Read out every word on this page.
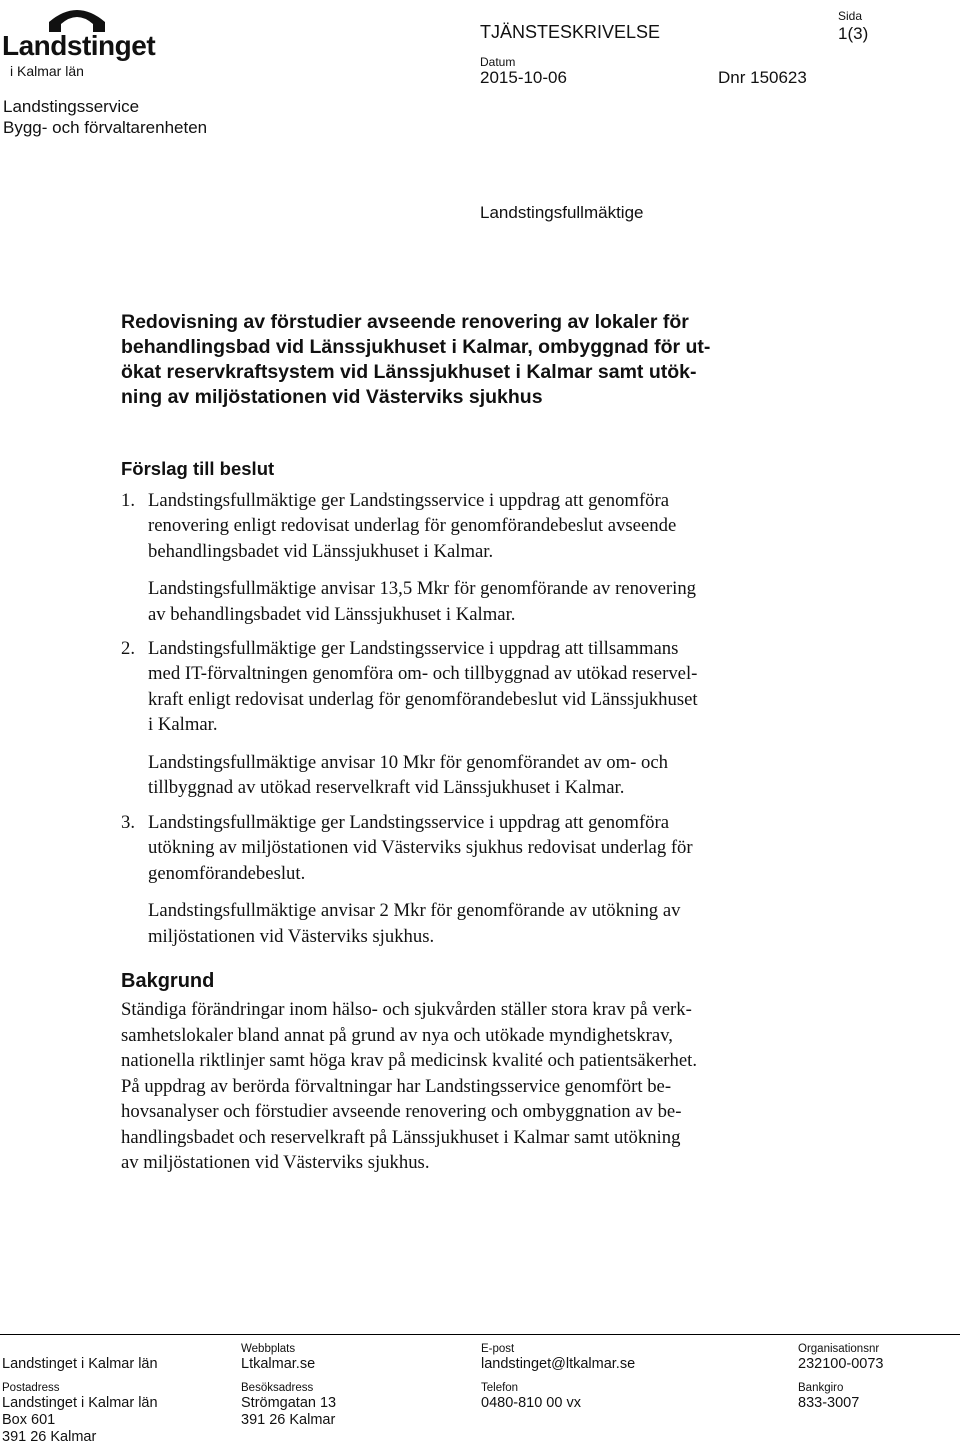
Landstinget
i Kalmar län
Landstingsservice
Bygg- och förvaltarenheten
TJÄNSTESKRIVELSE
Datum
2015-10-06	Dnr 150623
Sida
1(3)
Landstingsfullmäktige
Redovisning av förstudier avseende renovering av lokaler för
behandlingsbad vid Länssjukhuset i Kalmar, ombyggnad för ut-
ökat reservkraftsystem vid Länssjukhuset i Kalmar samt utök-
ning av miljöstationen vid Västerviks sjukhus
Förslag till beslut
1. Landstingsfullmäktige ger Landstingsservice i uppdrag att genomföra
renovering enligt redovisat underlag för genomförandebeslut avseende
behandlingsbadet vid Länssjukhuset i Kalmar.
Landstingsfullmäktige anvisar 13,5 Mkr för genomförande av renovering
av behandlingsbadet vid Länssjukhuset i Kalmar.
2. Landstingsfullmäktige ger Landstingsservice i uppdrag att tillsammans
med IT-förvaltningen genomföra om- och tillbyggnad av utökad reservel-
kraft enligt redovisat underlag för genomförandebeslut vid Länssjukhuset
i Kalmar.
Landstingsfullmäktige anvisar 10 Mkr för genomförandet av om- och
tillbyggnad av utökad reservelkraft vid Länssjukhuset i Kalmar.
3. Landstingsfullmäktige ger Landstingsservice i uppdrag att genomföra
utökning av miljöstationen vid Västerviks sjukhus redovisat underlag för
genomförandebeslut.
Landstingsfullmäktige anvisar 2 Mkr för genomförande av utökning av
miljöstationen vid Västerviks sjukhus.
Bakgrund
Ständiga förändringar inom hälso- och sjukvården ställer stora krav på verk-
samhetslokaler bland annat på grund av nya och utökade myndighetskrav,
nationella riktlinjer samt höga krav på medicinsk kvalité och patientsäkerhet.
På uppdrag av berörda förvaltningar har Landstingsservice genomfört be-
hovsanalyser och förstudier avseende renovering och ombyggnation av be-
handlingsbadet och reservelkraft på Länssjukhuset i Kalmar samt utökning
av miljöstationen vid Västerviks sjukhus.
Landstinget i Kalmar län
Webbplats
Ltkalmar.se
E-post
landstinget@ltkalmar.se
Organisationsnr
232100-0073
Postadress
Landstinget i Kalmar län
Box 601
391 26 Kalmar
Besöksadress
Strömgatan 13
391 26 Kalmar
Telefon
0480-810 00 vx
Bankgiro
833-3007
